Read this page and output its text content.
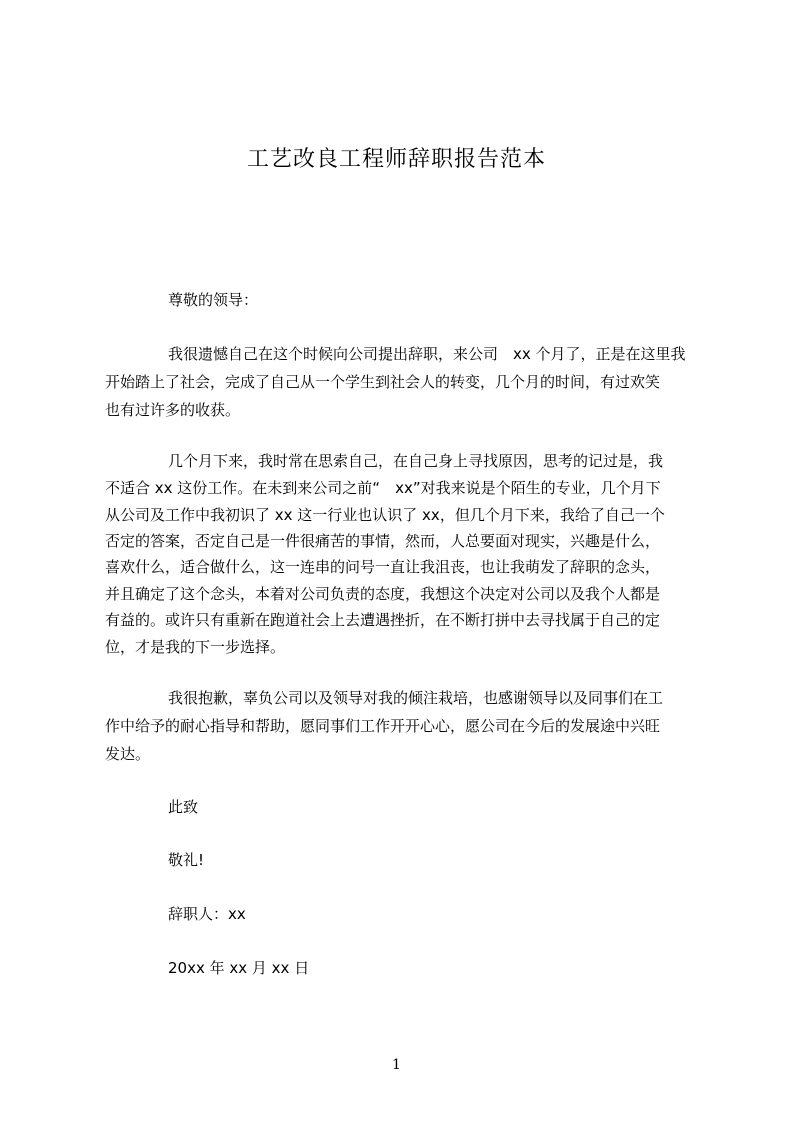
工艺改良工程师辞职报告范本

尊敬的领导：

我很遗憾自己在这个时候向公司提出辞职，来公司　xx 个月了，正是在这里我

开始踏上了社会，完成了自己从一个学生到社会人的转变，几个月的时间，有过欢笑

也有过许多的收获。

几个月下来，我时常在思索自己，在自己身上寻找原因，思考的记过是，我

不适合 xx 这份工作。在未到来公司之前“　xx”对我来说是个陌生的专业，几个月下

从公司及工作中我初识了 xx 这一行业也认识了 xx，但几个月下来，我给了自己一个

否定的答案，否定自己是一件很痛苦的事情，然而，人总要面对现实，兴趣是什么，

喜欢什么，适合做什么，这一连串的问号一直让我沮丧，也让我萌发了辞职的念头，

并且确定了这个念头，本着对公司负责的态度，我想这个决定对公司以及我个人都是

有益的。或许只有重新在跑道社会上去遭遇挫折，在不断打拼中去寻找属于自己的定

位，才是我的下一步选择。

我很抱歉，辜负公司以及领导对我的倾注栽培，也感谢领导以及同事们在工

作中给予的耐心指导和帮助，愿同事们工作开开心心，愿公司在今后的发展途中兴旺

发达。

此致

敬礼!

辞职人：xx

20xx 年 xx 月 xx 日

1
